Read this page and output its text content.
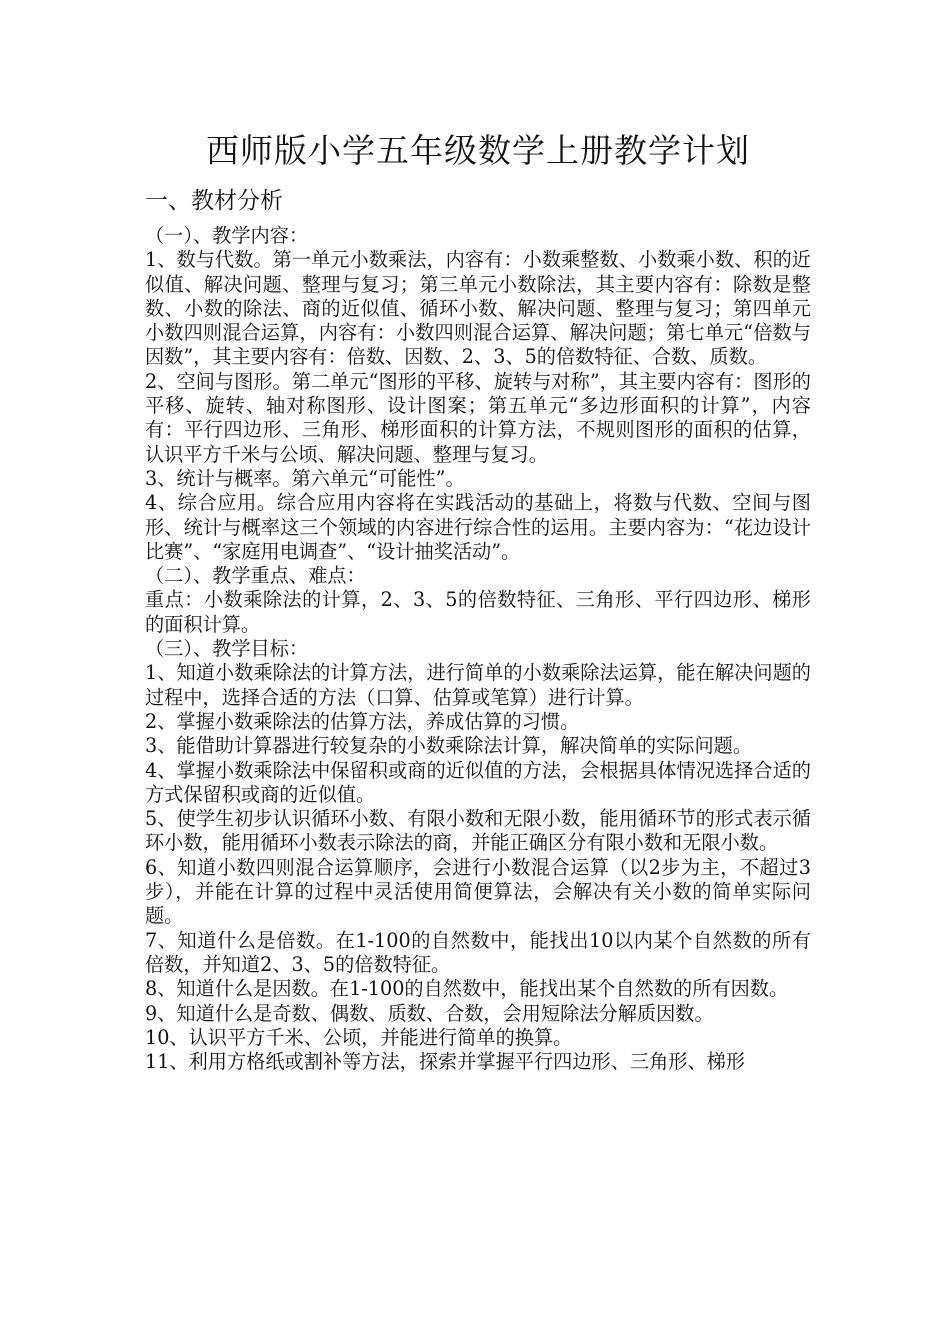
西师版小学五年级数学上册教学计划
一、教材分析

（一）、教学内容：

1、数与代数。第一单元小数乘法，内容有：小数乘整数、小数乘小数、积的近似值、解决问题、整理与复习；第三单元小数除法，其主要内容有：除数是整数、小数的除法、商的近似值、循环小数、解决问题、整理与复习；第四单元小数四则混合运算，内容有：小数四则混合运算、解决问题；第七单元“倍数与因数”，其主要内容有：倍数、因数、2、3、5的倍数特征、合数、质数。

2、空间与图形。第二单元“图形的平移、旋转与对称”，其主要内容有：图形的平移、旋转、轴对称图形、设计图案；第五单元“多边形面积的计算”，内容有：平行四边形、三角形、梯形面积的计算方法，不规则图形的面积的估算，认识平方千米与公顷、解决问题、整理与复习。

3、统计与概率。第六单元“可能性”。

4、综合应用。综合应用内容将在实践活动的基础上，将数与代数、空间与图形、统计与概率这三个领域的内容进行综合性的运用。主要内容为：“花边设计比赛”、“家庭用电调查”、“设计抽奖活动”。

（二）、教学重点、难点：

重点：小数乘除法的计算，2、3、5的倍数特征、三角形、平行四边形、梯形的面积计算。

（三）、教学目标：

1、知道小数乘除法的计算方法，进行简单的小数乘除法运算，能在解决问题的过程中，选择合适的方法（口算、估算或笔算）进行计算。

2、掌握小数乘除法的估算方法，养成估算的习惯。

3、能借助计算器进行较复杂的小数乘除法计算，解决简单的实际问题。

4、掌握小数乘除法中保留积或商的近似值的方法，会根据具体情况选择合适的方式保留积或商的近似值。

5、使学生初步认识循环小数、有限小数和无限小数，能用循环节的形式表示循环小数，能用循环小数表示除法的商，并能正确区分有限小数和无限小数。

6、知道小数四则混合运算顺序，会进行小数混合运算（以2步为主，不超过3步），并能在计算的过程中灵活使用简便算法，会解决有关小数的简单实际问题。

7、知道什么是倍数。在1-100的自然数中，能找出10以内某个自然数的所有倍数，并知道2、3、5的倍数特征。

8、知道什么是因数。在1-100的自然数中，能找出某个自然数的所有因数。

9、知道什么是奇数、偶数、质数、合数，会用短除法分解质因数。

10、认识平方千米、公顷，并能进行简单的换算。

11、利用方格纸或割补等方法，探索并掌握平行四边形、三角形、梯形
